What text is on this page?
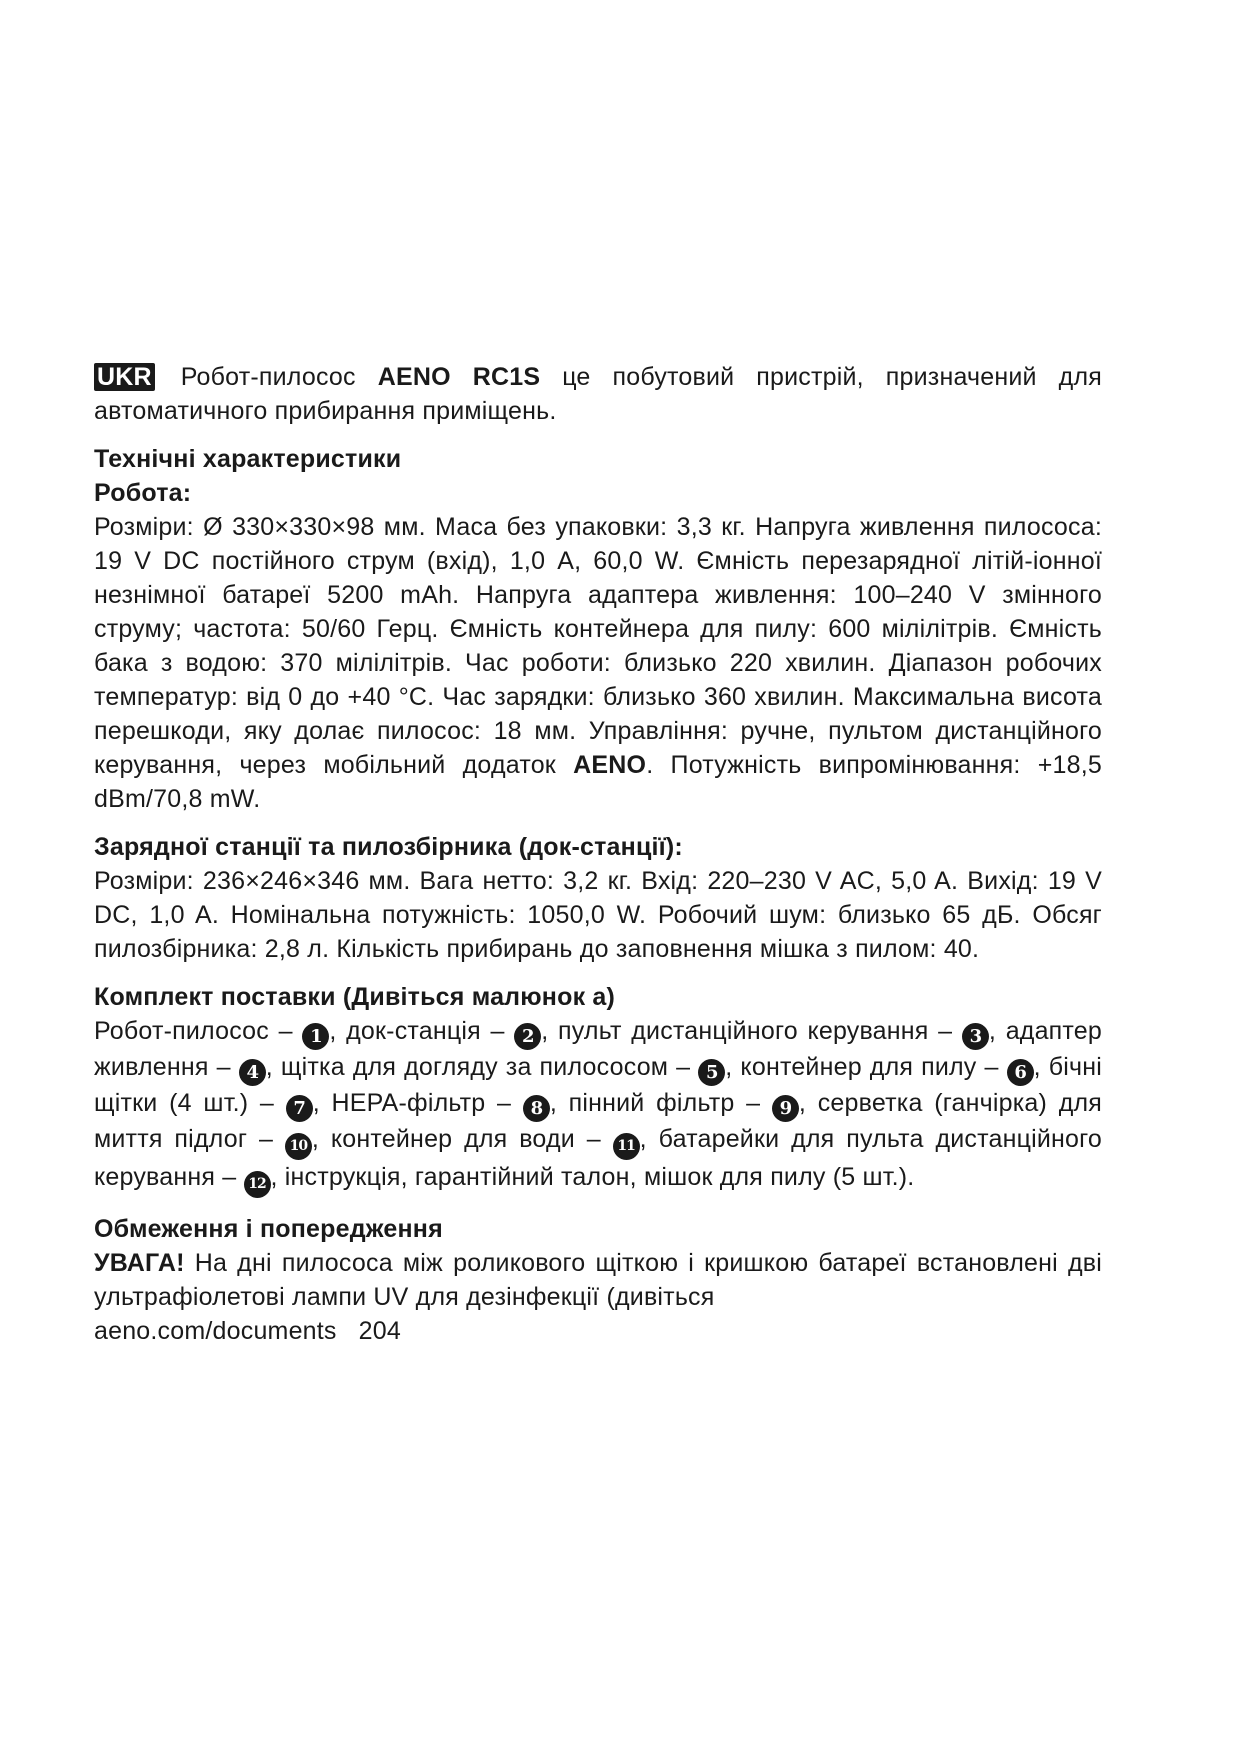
UKR Робот-пилосос AENO RC1S це побутовий пристрій, призначений для автоматичного прибирання приміщень.

Технічні характеристики

Робота:

Розміри: Ø 330×330×98 мм. Маса без упаковки: 3,3 кг. Напруга живлення пилососа: 19 V DC постійного струм (вхід), 1,0 A, 60,0 W. Ємність перезарядної літій-іонної незнімної батареї 5200 mAh. Напруга адаптера живлення: 100–240 V змінного струму; частота: 50/60 Герц. Ємність контейнера для пилу: 600 мілілітрів. Ємність бака з водою: 370 мілілітрів. Час роботи: близько 220 хвилин. Діапазон робочих температур: від 0 до +40 °C. Час зарядки: близько 360 хвилин. Максимальна висота перешкоди, яку долає пилосос: 18 мм. Управління: ручне, пультом дистанційного керування, через мобільний додаток AENO. Потужність випромінювання: +18,5 dBm/70,8 mW.

Зарядної станції та пилозбірника (док-станції):

Розміри: 236×246×346 мм. Вага нетто: 3,2 кг. Вхід: 220–230 V AC, 5,0 A. Вихід: 19 V DC, 1,0 A. Номінальна потужність: 1050,0 W. Робочий шум: близько 65 дБ. Обсяг пилозбірника: 2,8 л. Кількість прибирань до заповнення мішка з пилом: 40.

Комплект поставки (Дивіться малюнок а)

Робот-пилосос – 1 , док-станція – 2 , пульт дистанційного керування – 3 , адаптер живлення – 4 , щітка для догляду за пилососом – 5 , контейнер для пилу – 6 , бічні щітки (4 шт.) – 7 , HEPA-фільтр – 8 , пінний фільтр – 9 , серветка (ганчірка) для миття підлог – 10 , контейнер для води – 11 , батарейки для пульта дистанційного керування – 12 , інструкція, гарантійний талон, мішок для пилу (5 шт.).

Обмеження і попередження

УВАГА! На дні пилососа між роликового щіткою і кришкою батареї встановлені дві ультрафіолетові лампи UV для дезінфекції (дивіться

aeno.com/documents 204
